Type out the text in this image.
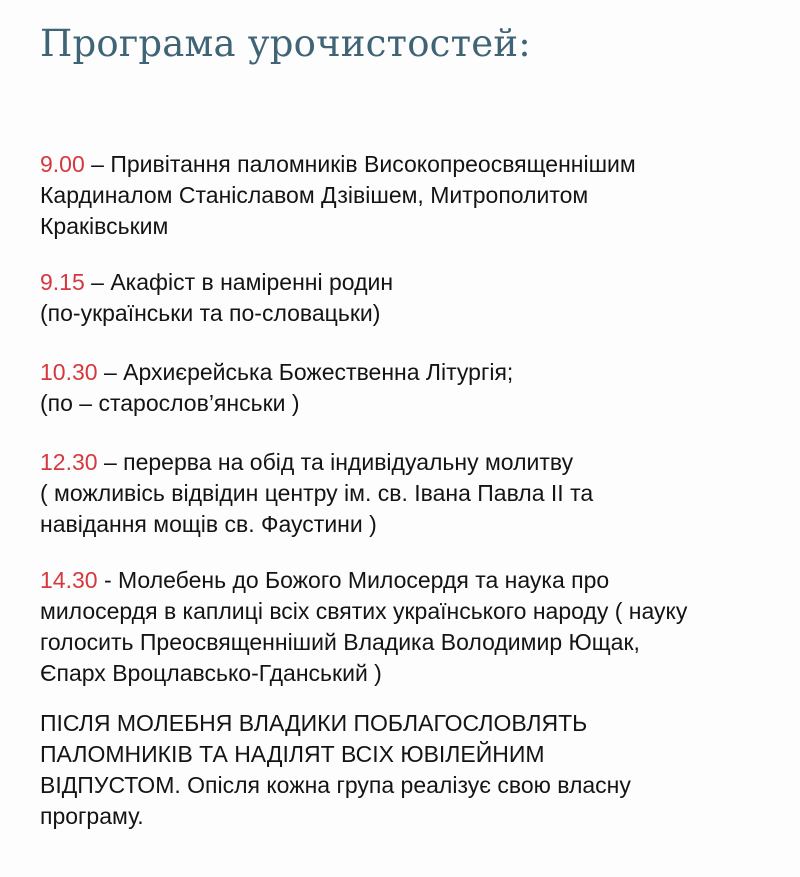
Програма урочистостей:

9.00 – Привітання паломників Високопреосвященнішим
Кардиналом Станіславом Дзівішем, Митрополитом
Краківським

9.15 – Акафіст в наміренні родин
(по-українськи та по-словацьки)

10.30 – Архиєрейська Божественна Літургія;
(по – старослов’янськи )

12.30 – перерва на обід та індивідуальну молитву
( можливісь відвідин центру ім. св. Івана Павла ІІ та
навідання мощів св. Фаустини )

14.30 - Молебень до Божого Милосердя та наука про
милосердя в каплиці всіх святих українського народу ( науку
голосить Преосвященніший Владика Володимир Ющак,
Єпарх Вроцлавсько-Гданський )

ПІСЛЯ МОЛЕБНЯ ВЛАДИКИ ПОБЛАГОСЛОВЛЯТЬ
ПАЛОМНИКІВ ТА НАДІЛЯТ ВСІХ ЮВІЛЕЙНИМ
ВІДПУСТОМ. Опісля кожна група реалізує свою власну
програму.
